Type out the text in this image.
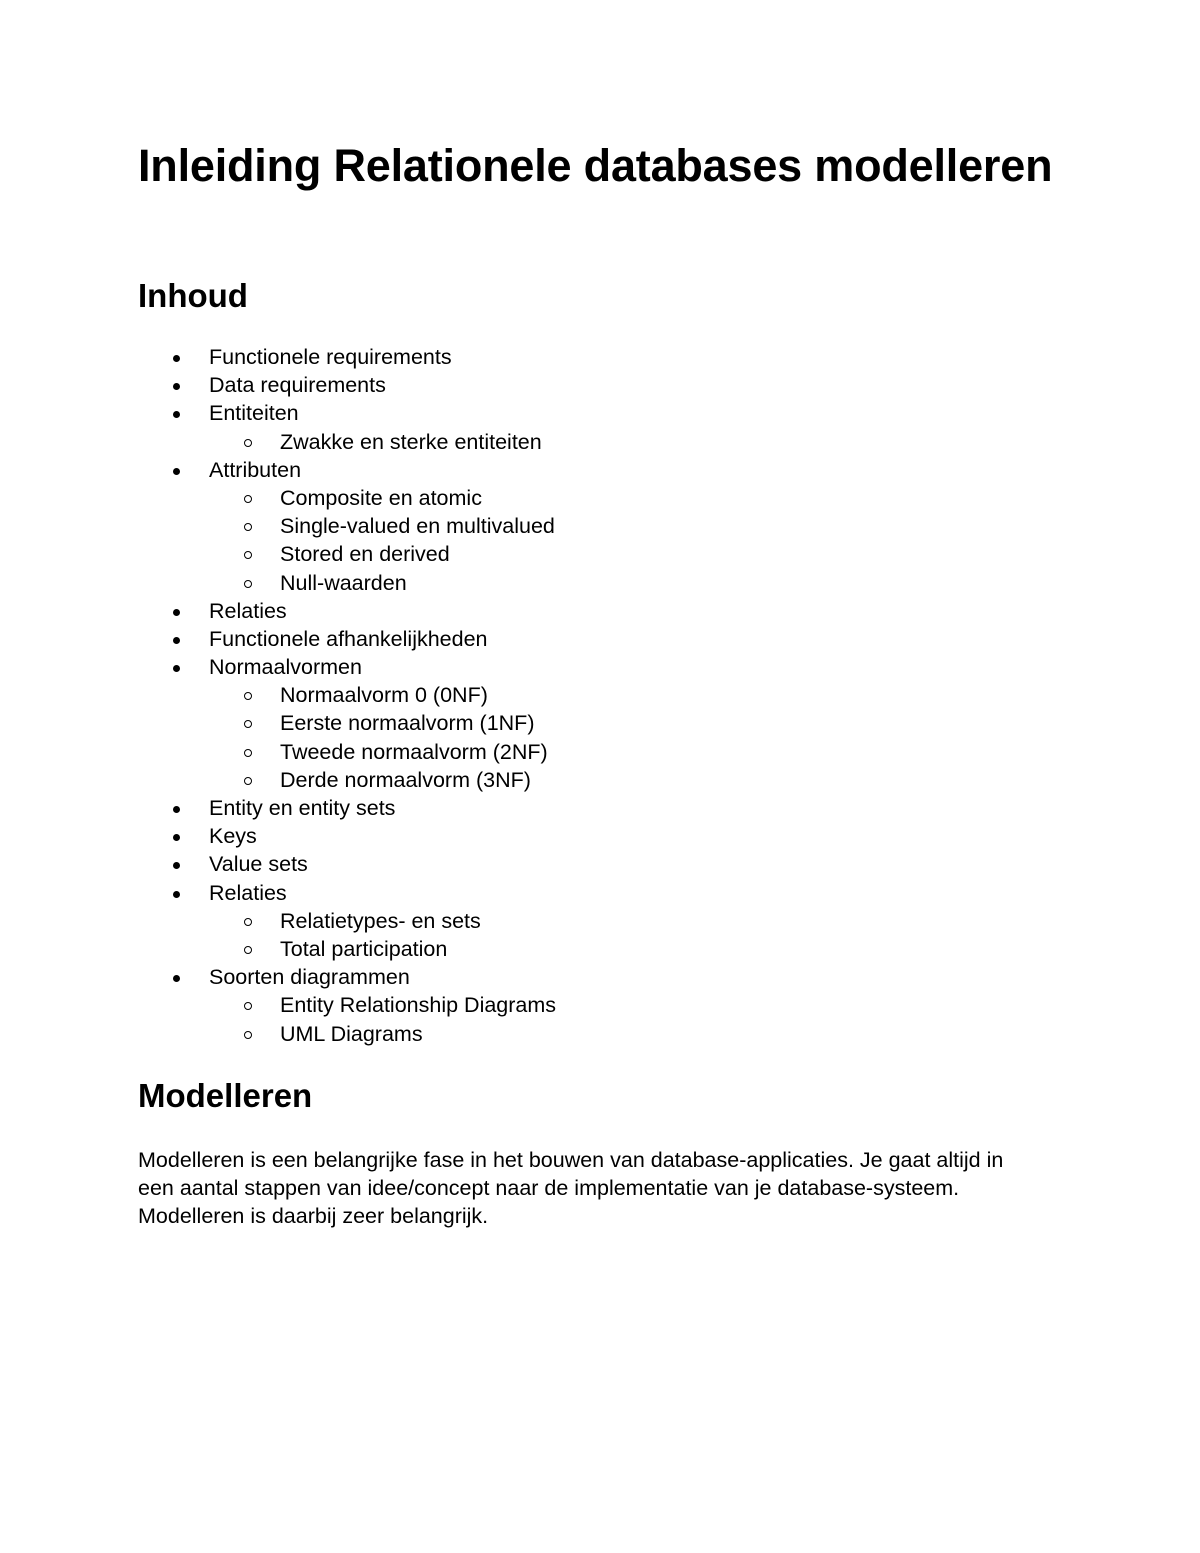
Inleiding Relationele databases modelleren
Inhoud
Functionele requirements
Data requirements
Entiteiten
Zwakke en sterke entiteiten
Attributen
Composite en atomic
Single-valued en multivalued
Stored en derived
Null-waarden
Relaties
Functionele afhankelijkheden
Normaalvormen
Normaalvorm 0 (0NF)
Eerste normaalvorm (1NF)
Tweede normaalvorm (2NF)
Derde normaalvorm (3NF)
Entity en entity sets
Keys
Value sets
Relaties
Relatietypes- en sets
Total participation
Soorten diagrammen
Entity Relationship Diagrams
UML Diagrams
Modelleren

Modelleren is een belangrijke fase in het bouwen van database-applicaties. Je gaat altijd in een aantal stappen van idee/concept naar de implementatie van je database-systeem. Modelleren is daarbij zeer belangrijk.
